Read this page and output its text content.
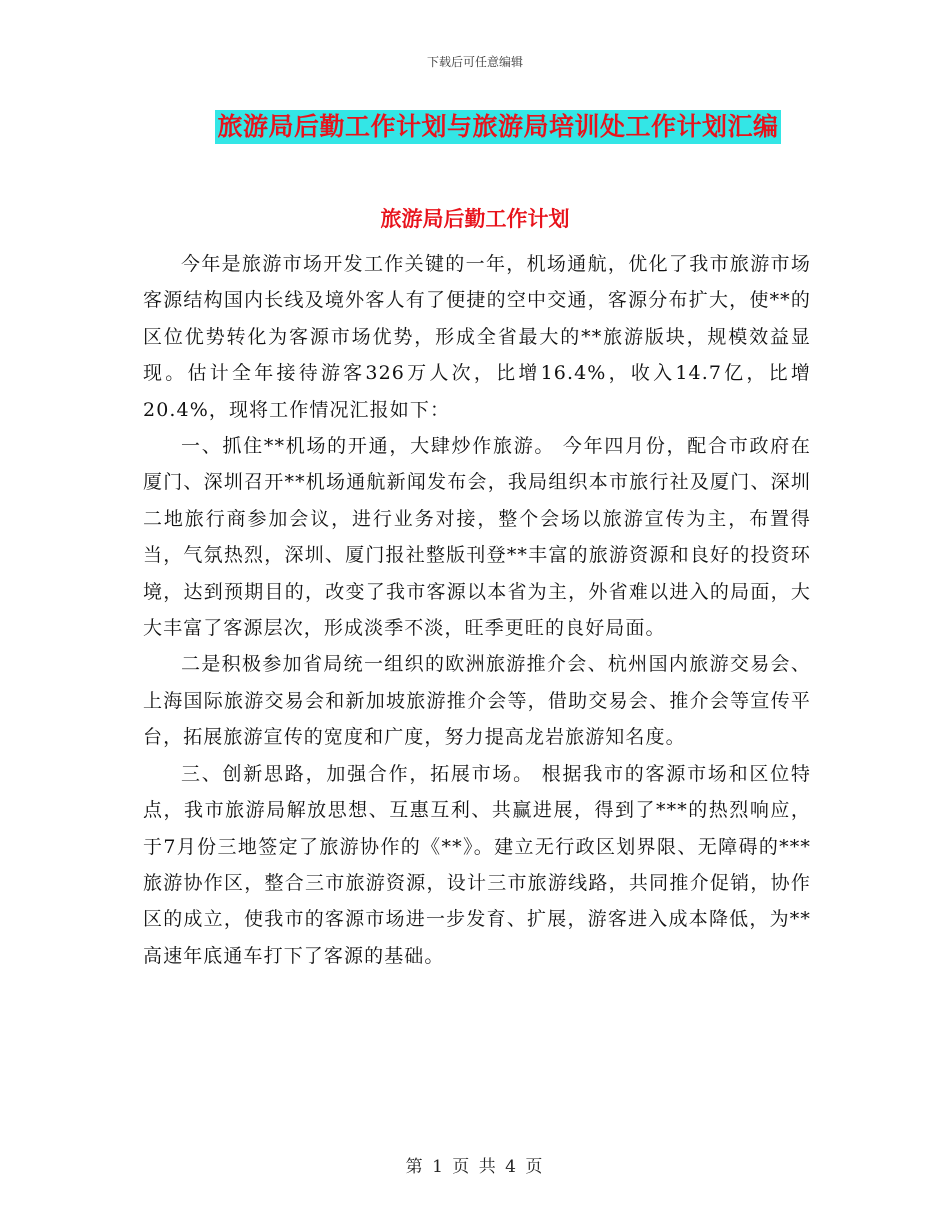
下载后可任意编辑
旅游局后勤工作计划与旅游局培训处工作计划汇编
旅游局后勤工作计划

今年是旅游市场开发工作关键的一年，机场通航，优化了我市旅游市场客源结构国内长线及境外客人有了便捷的空中交通，客源分布扩大，使**的区位优势转化为客源市场优势，形成全省最大的**旅游版块，规模效益显现。估计全年接待游客326万人次，比增16.4%，收入14.7亿，比增20.4%，现将工作情况汇报如下：

一、抓住**机场的开通，大肆炒作旅游。 今年四月份，配合市政府在厦门、深圳召开**机场通航新闻发布会，我局组织本市旅行社及厦门、深圳二地旅行商参加会议，进行业务对接，整个会场以旅游宣传为主，布置得当，气氛热烈，深圳、厦门报社整版刊登**丰富的旅游资源和良好的投资环境，达到预期目的，改变了我市客源以本省为主，外省难以进入的局面，大大丰富了客源层次，形成淡季不淡，旺季更旺的良好局面。

二是积极参加省局统一组织的欧洲旅游推介会、杭州国内旅游交易会、上海国际旅游交易会和新加坡旅游推介会等，借助交易会、推介会等宣传平台，拓展旅游宣传的宽度和广度，努力提高龙岩旅游知名度。

三、创新思路，加强合作，拓展市场。 根据我市的客源市场和区位特点，我市旅游局解放思想、互惠互利、共赢进展，得到了***的热烈响应，于7月份三地签定了旅游协作的《**》。建立无行政区划界限、无障碍的***旅游协作区，整合三市旅游资源，设计三市旅游线路，共同推介促销，协作区的成立，使我市的客源市场进一步发育、扩展，游客进入成本降低，为**高速年底通车打下了客源的基础。

第 1 页 共 4 页
